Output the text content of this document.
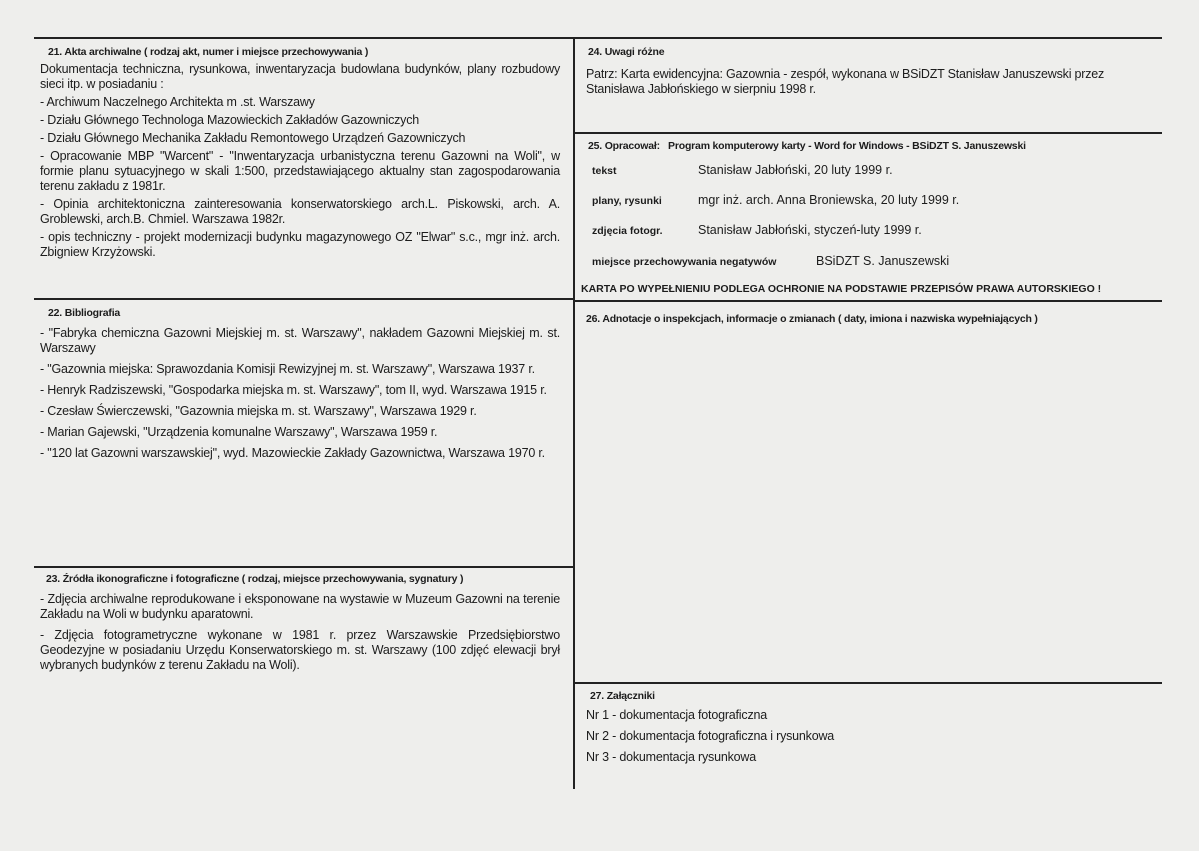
21. Akta archiwalne ( rodzaj akt, numer i miejsce przechowywania )

Dokumentacja techniczna, rysunkowa, inwentaryzacja budowlana budynków, plany rozbudowy sieci itp. w posiadaniu :

- Archiwum Naczelnego Architekta m .st. Warszawy

- Działu Głównego Technologa Mazowieckich Zakładów Gazowniczych

- Działu Głównego Mechanika Zakładu Remontowego Urządzeń Gazowniczych

- Opracowanie MBP "Warcent" - "Inwentaryzacja urbanistyczna terenu Gazowni na Woli", w formie planu sytuacyjnego w skali 1:500, przedstawiającego aktualny stan zagospodarowania terenu zakładu z 1981r.

- Opinia architektoniczna zainteresowania konserwatorskiego arch.L. Piskowski, arch. A. Groblewski, arch.B. Chmiel. Warszawa 1982r.

- opis techniczny - projekt modernizacji budynku magazynowego OZ "Elwar" s.c., mgr inż. arch. Zbigniew Krzyżowski.

22. Bibliografia

- "Fabryka chemiczna Gazowni Miejskiej m. st. Warszawy", nakładem Gazowni Miejskiej m. st. Warszawy

- "Gazownia miejska: Sprawozdania Komisji Rewizyjnej m. st. Warszawy", Warszawa 1937 r.

- Henryk Radziszewski, "Gospodarka miejska m. st. Warszawy", tom II, wyd. Warszawa 1915 r.

- Czesław Świerczewski, "Gazownia miejska m. st. Warszawy", Warszawa 1929 r.

- Marian Gajewski, "Urządzenia komunalne Warszawy", Warszawa 1959 r.

- "120 lat Gazowni warszawskiej", wyd. Mazowieckie Zakłady Gazownictwa, Warszawa 1970 r.

23. Źródła ikonograficzne i fotograficzne ( rodzaj, miejsce przechowywania, sygnatury )

- Zdjęcia archiwalne reprodukowane i eksponowane na wystawie w Muzeum Gazowni na terenie Zakładu na Woli w budynku aparatowni.

- Zdjęcia fotogrametryczne wykonane w 1981 r. przez Warszawskie Przedsiębiorstwo Geodezyjne w posiadaniu Urzędu Konserwatorskiego m. st. Warszawy (100 zdjęć elewacji brył wybranych budynków z terenu Zakładu na Woli).

24. Uwagi różne

Patrz: Karta ewidencyjna: Gazownia - zespół, wykonana w BSiDZT Stanisław Januszewski przez Stanisława Jabłońskiego w sierpniu 1998 r.

25. Opracował:   Program komputerowy karty - Word for Windows - BSiDZT S. Januszewski
tekst	Stanisław Jabłoński, 20 luty 1999 r.
plany, rysunki	mgr inż. arch. Anna Broniewska, 20 luty 1999 r.
zdjęcia fotogr.	Stanisław Jabłoński, styczeń-luty 1999 r.
miejsce przechowywania negatywów	BSiDZT S. Januszewski
KARTA PO WYPEŁNIENIU PODLEGA OCHRONIE NA PODSTAWIE PRZEPISÓW PRAWA AUTORSKIEGO !
26. Adnotacje o inspekcjach, informacje o zmianach ( daty, imiona i nazwiska wypełniających )
27. Załączniki

Nr 1 - dokumentacja fotograficzna

Nr 2 - dokumentacja fotograficzna i rysunkowa

Nr 3 - dokumentacja rysunkowa
